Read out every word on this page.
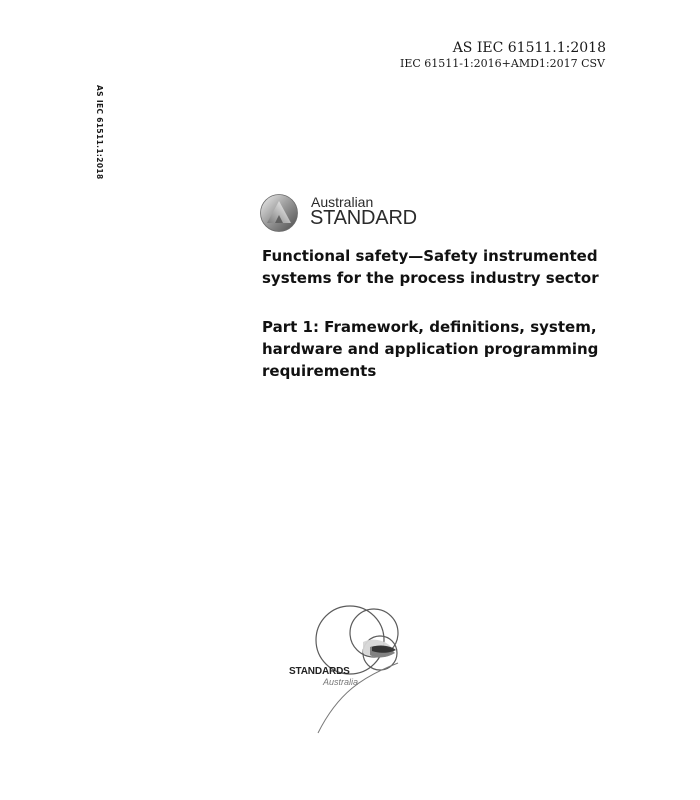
AS IEC 61511.1:2018
IEC 61511-1:2016+AMD1:2017 CSV
AS IEC 61511.1:2018
Australian
STANDARD
Functional safety—Safety instrumented
systems for the process industry sector
Part 1: Framework, definitions, system,
hardware and application programming
requirements
STANDARDS
Australia
